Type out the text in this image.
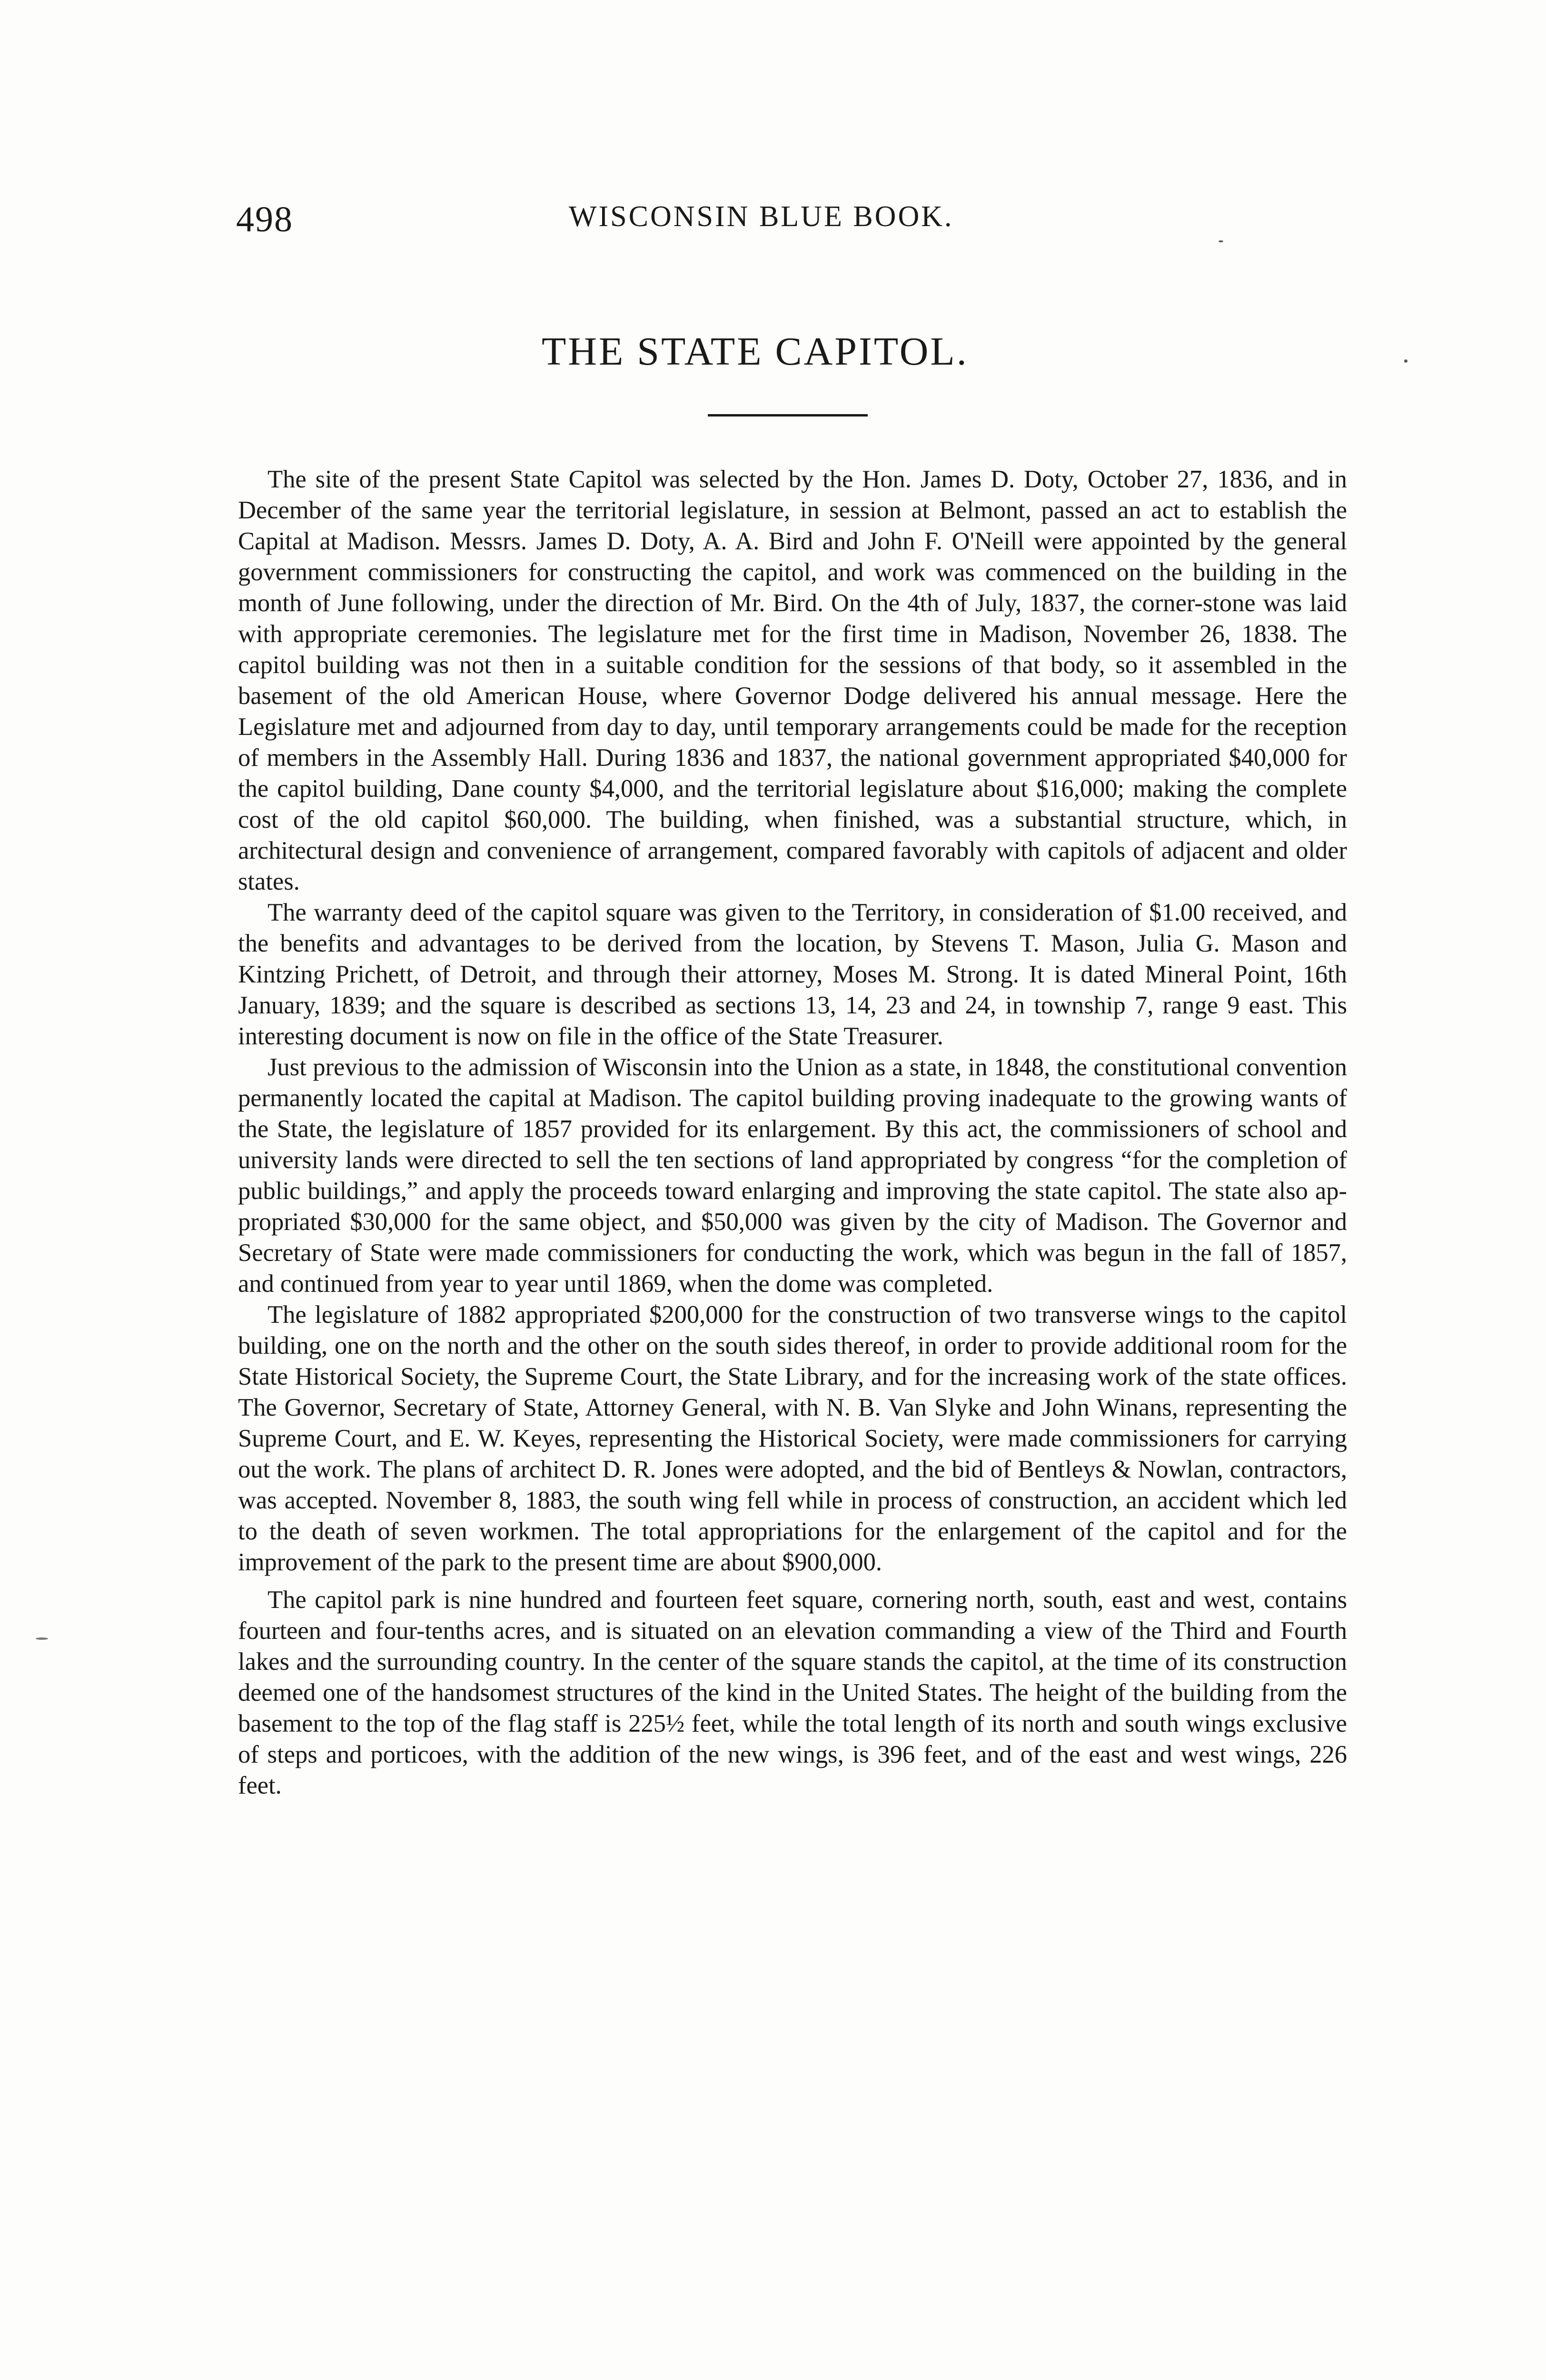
498	WISCONSIN BLUE BOOK.
THE STATE CAPITOL.

The site of the present State Capitol was selected by the Hon. James D. Doty, October 27, 1836, and in December of the same year the territorial legislature, in session at Belmont, passed an act to establish the Capital at Madison. Messrs. James D. Doty, A. A. Bird and John F. O'Neill were appointed by the general government commissioners for constructing the capitol, and work was commenced on the building in the month of June following, under the direction of Mr. Bird. On the 4th of July, 1837, the corner-stone was laid with appropriate ceremonies. The legislature met for the first time in Madison, November 26, 1838. The capitol building was not then in a suitable condition for the sessions of that body, so it assembled in the basement of the old American House, where Governor Dodge delivered his annual message. Here the Legislature met and adjourned from day to day, until temporary arrangements could be made for the reception of members in the Assembly Hall. During 1836 and 1837, the national government appropriated $40,000 for the capitol building, Dane county $4,000, and the territorial legislature about $16,000; making the complete cost of the old capitol $60,000. The building, when finished, was a substantial structure, which, in architectural design and convenience of arrangement, compared favorably with capitols of adjacent and older states.

The warranty deed of the capitol square was given to the Territory, in consideration of $1.00 received, and the benefits and advantages to be derived from the location, by Stevens T. Mason, Julia G. Mason and Kintzing Prichett, of Detroit, and through their attorney, Moses M. Strong. It is dated Mineral Point, 16th January, 1839; and the square is described as sections 13, 14, 23 and 24, in township 7, range 9 east. This interesting document is now on file in the office of the State Treasurer.

Just previous to the admission of Wisconsin into the Union as a state, in 1848, the constitutional convention permanently located the capital at Madison. The capitol building proving inadequate to the growing wants of the State, the legislature of 1857 provided for its enlargement. By this act, the commissioners of school and university lands were directed to sell the ten sections of land appropriated by congress “for the completion of public buildings,” and apply the proceeds toward enlarging and improving the state capitol. The state also appropriated $30,000 for the same object, and $50,000 was given by the city of Madison. The Governor and Secretary of State were made commissioners for conducting the work, which was begun in the fall of 1857, and continued from year to year until 1869, when the dome was completed.

The legislature of 1882 appropriated $200,000 for the construction of two transverse wings to the capitol building, one on the north and the other on the south sides thereof, in order to provide additional room for the State Historical Society, the Supreme Court, the State Library, and for the increasing work of the state offices. The Governor, Secretary of State, Attorney General, with N. B. Van Slyke and John Winans, representing the Supreme Court, and E. W. Keyes, representing the Historical Society, were made commissioners for carrying out the work. The plans of architect D. R. Jones were adopted, and the bid of Bentleys & Nowlan, contractors, was accepted. November 8, 1883, the south wing fell while in process of construction, an accident which led to the death of seven workmen. The total appropriations for the enlargement of the capitol and for the improvement of the park to the present time are about $900,000.

The capitol park is nine hundred and fourteen feet square, cornering north, south, east and west, contains fourteen and four-tenths acres, and is situated on an elevation commanding a view of the Third and Fourth lakes and the surrounding country. In the center of the square stands the capitol, at the time of its construction deemed one of the handsomest structures of the kind in the United States. The height of the building from the basement to the top of the flag staff is 225½ feet, while the total length of its north and south wings exclusive of steps and porticoes, with the addition of the new wings, is 396 feet, and of the east and west wings, 226 feet.
